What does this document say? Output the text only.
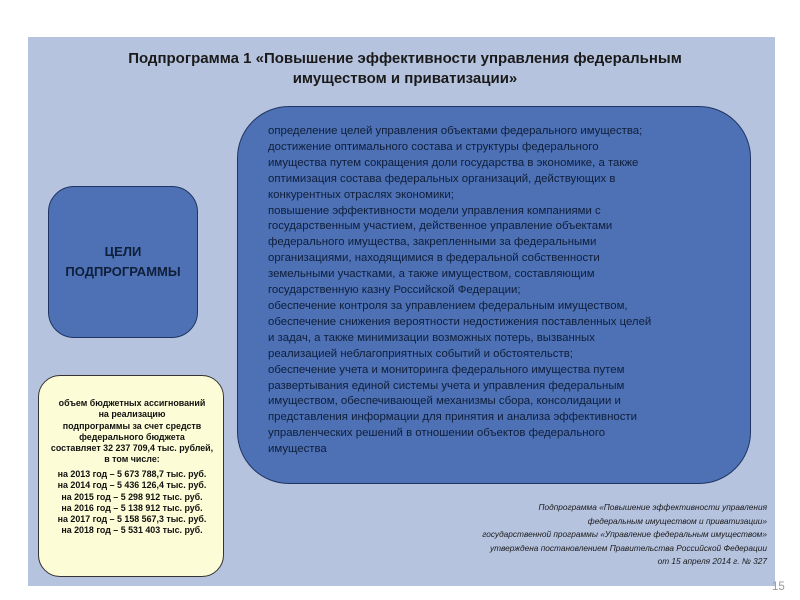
Подпрограмма 1 «Повышение эффективности управления федеральным
имуществом и приватизации»
определение целей управления объектами федерального имущества;
достижение оптимального состава и структуры федерального
имущества путем сокращения доли государства в экономике, а также
оптимизация состава федеральных организаций, действующих в
конкурентных отраслях экономики;
повышение эффективности модели управления компаниями с
государственным участием, действенное управление объектами
федерального имущества, закрепленными за федеральными
организациями, находящимися в федеральной собственности
земельными участками, а также имуществом, составляющим
государственную казну Российской Федерации;
обеспечение контроля за управлением федеральным имуществом,
обеспечение снижения вероятности недостижения поставленных целей
и задач, а также минимизации возможных потерь, вызванных
реализацией неблагоприятных событий и обстоятельств;
обеспечение учета и мониторинга федерального имущества путем
развертывания единой системы учета и управления федеральным
имуществом, обеспечивающей механизмы сбора, консолидации и
представления информации для принятия и анализа эффективности
управленческих решений в отношении объектов федерального
имущества
ЦЕЛИ
ПОДПРОГРАММЫ
объем бюджетных ассигнований
на реализацию
подпрограммы за счет средств
федерального бюджета
составляет 32 237 709,4 тыс. рублей,
в том числе:
на 2013 год – 5 673 788,7 тыс. руб.
на 2014 год – 5 436 126,4 тыс. руб.
на 2015 год – 5 298 912 тыс. руб.
на 2016 год – 5 138 912 тыс. руб.
на 2017 год – 5 158 567,3 тыс. руб.
на 2018 год – 5 531 403 тыс. руб.
Подпрограмма «Повышение эффективности управления
федеральным имуществом и приватизации»
государственной программы «Управление федеральным имуществом»
утверждена постановлением Правительства Российской Федерации
от 15 апреля 2014 г. № 327
15
